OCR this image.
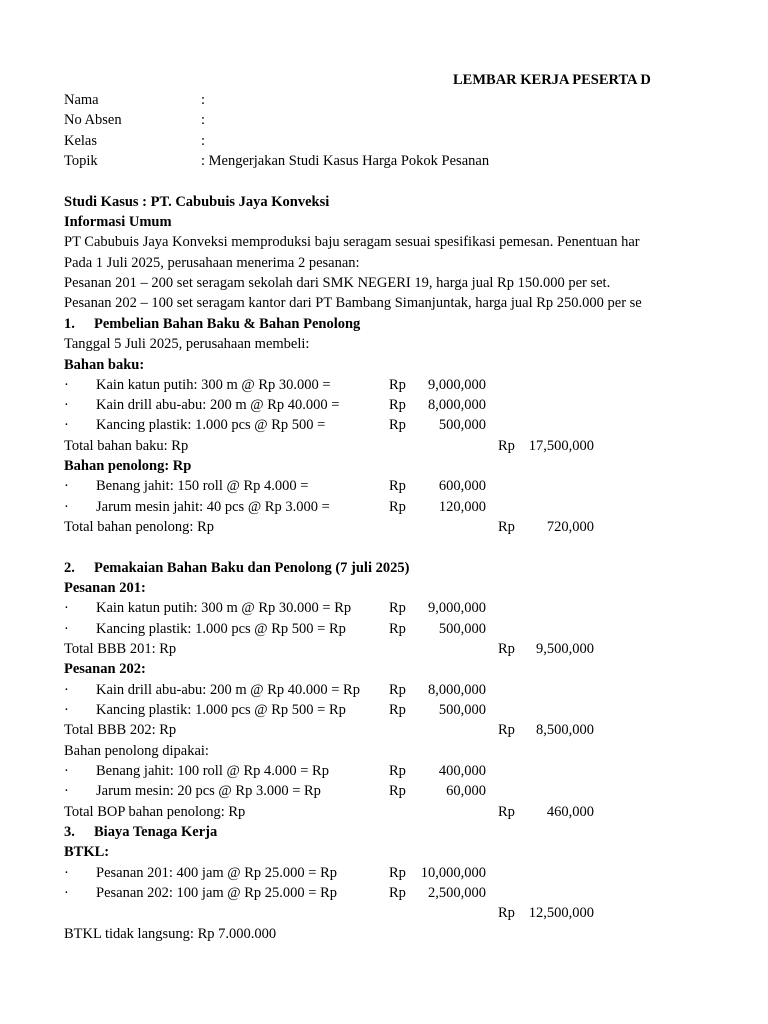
LEMBAR KERJA PESERTA D
Nama	:
No Absen	:
Kelas	:
Topik	: Mengerjakan Studi Kasus Harga Pokok Pesanan
Studi Kasus : PT. Cabubuis Jaya Konveksi
Informasi Umum
PT Cabubuis Jaya Konveksi memproduksi baju seragam sesuai spesifikasi pemesan. Penentuan har
Pada 1 Juli 2025, perusahaan menerima 2 pesanan:
Pesanan 201 – 200 set seragam sekolah dari SMK NEGERI 19, harga jual Rp 150.000 per set.
Pesanan 202 – 100 set seragam kantor dari PT Bambang Simanjuntak, harga jual Rp 250.000 per se
1. Pembelian Bahan Baku & Bahan Penolong
Tanggal 5 Juli 2025, perusahaan membeli:
Bahan baku:
· Kain katun putih: 300 m @ Rp 30.000 =	Rp	9,000,000
· Kain drill abu-abu: 200 m @ Rp 40.000 =	Rp	8,000,000
· Kancing plastik: 1.000 pcs @ Rp 500 =	Rp	500,000
Total bahan baku: Rp	Rp 17,500,000
Bahan penolong: Rp
· Benang jahit: 150 roll @ Rp 4.000 =	Rp	600,000
· Jarum mesin jahit: 40 pcs @ Rp 3.000 =	Rp	120,000
Total bahan penolong: Rp	Rp	720,000
2. Pemakaian Bahan Baku dan Penolong (7 juli 2025)
Pesanan 201:
· Kain katun putih: 300 m @ Rp 30.000 = Rp	Rp	9,000,000
· Kancing plastik: 1.000 pcs @ Rp 500 = Rp	Rp	500,000
Total BBB 201: Rp	Rp	9,500,000
Pesanan 202:
· Kain drill abu-abu: 200 m @ Rp 40.000 = Rp Rp	8,000,000
· Kancing plastik: 1.000 pcs @ Rp 500 = Rp	Rp	500,000
Total BBB 202: Rp	Rp	8,500,000
Bahan penolong dipakai:
· Benang jahit: 100 roll @ Rp 4.000 = Rp	Rp	400,000
· Jarum mesin: 20 pcs @ Rp 3.000 = Rp	Rp	60,000
Total BOP bahan penolong: Rp	Rp	460,000
3. Biaya Tenaga Kerja
BTKL:
· Pesanan 201: 400 jam @ Rp 25.000 = Rp	Rp	10,000,000
· Pesanan 202: 100 jam @ Rp 25.000 = Rp	Rp	2,500,000
Rp 12,500,000
BTKL tidak langsung: Rp 7.000.000
